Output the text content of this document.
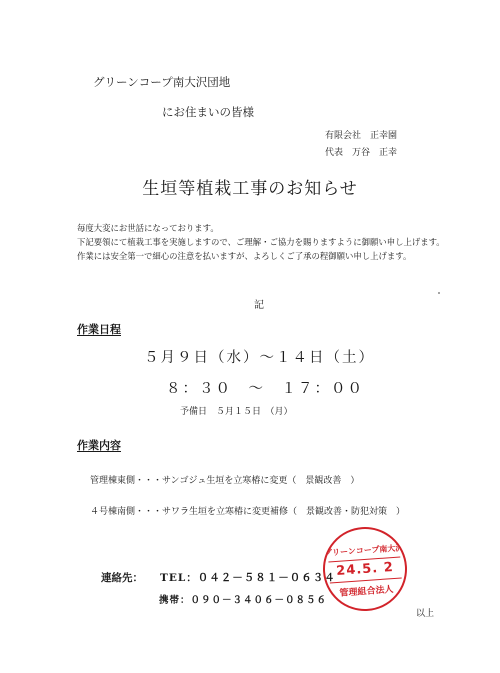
グリーンコープ南大沢団地
にお住まいの皆様
有限会社　正幸園
代表　万谷　正幸
生垣等植栽工事のお知らせ

毎度大変にお世話になっております。

下記要領にて植栽工事を実施しますので、ご理解・ご協力を賜りますように御願い申し上げます。　作業には安全第一で細心の注意を払いますが、よろしくご了承の程御願い申し上げます。

記
作業日程
５月９日（水）～１４日（土）
８：３０　～　１７：００
予備日　５月１５日　（月）
作業内容
管理棟東側・・・サンゴジュ生垣を立寒椿に変更（　景観改善　）
４号棟南側・・・サワラ生垣を立寒椿に変更補修（　景観改善・防犯対策　）
連絡先： TEL：０４２－５８１－０６３４
携帯：０９０－３４０６－０８５６
グリーンコープ南大沢
24.5. 2
管理組合法人
以上
